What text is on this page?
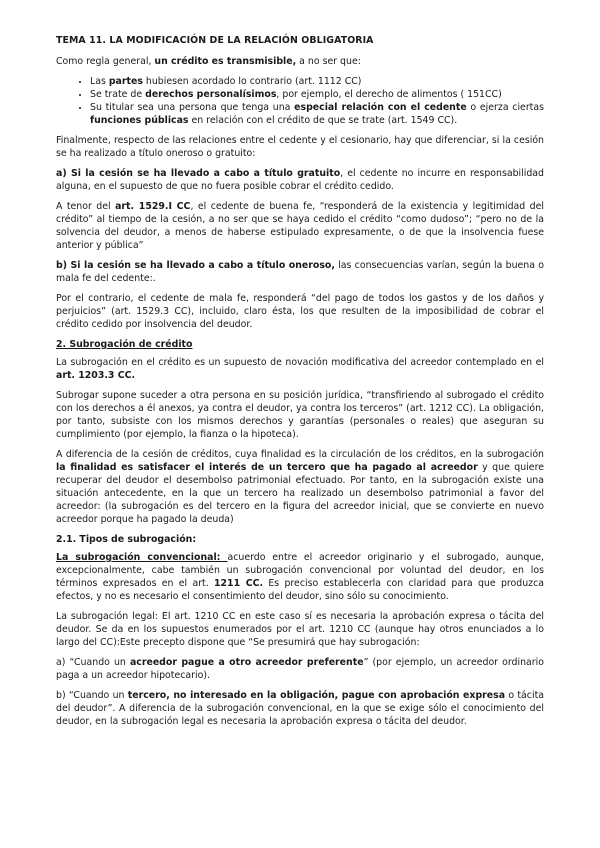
TEMA 11. LA MODIFICACIÓN DE LA RELACIÓN OBLIGATORIA

Como regla general, un crédito es transmisible, a no ser que:

• Las partes hubiesen acordado lo contrario (art. 1112 CC)
• Se trate de derechos personalísimos, por ejemplo, el derecho de alimentos ( 151CC)
• Su titular sea una persona que tenga una especial relación con el cedente o ejerza ciertas funciones públicas en relación con el crédito de que se trate (art. 1549 CC).

Finalmente, respecto de las relaciones entre el cedente y el cesionario, hay que diferenciar, si la cesión se ha realizado a título oneroso o gratuito:

a) Si la cesión se ha llevado a cabo a título gratuito, el cedente no incurre en responsabilidad alguna, en el supuesto de que no fuera posible cobrar el crédito cedido.

A tenor del art. 1529.I CC, el cedente de buena fe, “responderá de la existencia y legitimidad del crédito” al tiempo de la cesión, a no ser que se haya cedido el crédito “como dudoso”; “pero no de la solvencia del deudor, a menos de haberse estipulado expresamente, o de que la insolvencia fuese anterior y pública”

b) Si la cesión se ha llevado a cabo a título oneroso, las consecuencias varían, según la buena o mala fe del cedente:.

Por el contrario, el cedente de mala fe, responderá “del pago de todos los gastos y de los daños y perjuicios” (art. 1529.3 CC), incluido, claro ésta, los que resulten de la imposibilidad de cobrar el crédito cedido por insolvencia del deudor.

2. Subrogación de crédito

La subrogación en el crédito es un supuesto de novación modificativa del acreedor contemplado en el art. 1203.3 CC.

Subrogar supone suceder a otra persona en su posición jurídica, “transfiriendo al subrogado el crédito con los derechos a él anexos, ya contra el deudor, ya contra los terceros” (art. 1212 CC). La obligación, por tanto, subsiste con los mismos derechos y garantías (personales o reales) que aseguran su cumplimiento (por ejemplo, la fianza o la hipoteca).

A diferencia de la cesión de créditos, cuya finalidad es la circulación de los créditos, en la subrogación la finalidad es satisfacer el interés de un tercero que ha pagado al acreedor y que quiere recuperar del deudor el desembolso patrimonial efectuado. Por tanto, en la subrogación existe una situación antecedente, en la que un tercero ha realizado un desembolso patrimonial a favor del acreedor: (la subrogación es del tercero en la figura del acreedor inicial, que se convierte en nuevo acreedor porque ha pagado la deuda)

2.1. Tipos de subrogación:

La subrogación convencional: acuerdo entre el acreedor originario y el subrogado, aunque, excepcionalmente, cabe también un subrogación convencional por voluntad del deudor, en los términos expresados en el art. 1211 CC. Es preciso establecerla con claridad para que produzca efectos, y no es necesario el consentimiento del deudor, sino sólo su conocimiento.

La subrogación legal: El art. 1210 CC en este caso sí es necesaria la aprobación expresa o tácita del deudor. Se da en los supuestos enumerados por el art. 1210 CC (aunque hay otros enunciados a lo largo del CC):Este precepto dispone que “Se presumirá que hay subrogación:

a) “Cuando un acreedor pague a otro acreedor preferente” (por ejemplo, un acreedor ordinario paga a un acreedor hipotecario).

b) “Cuando un tercero, no interesado en la obligación, pague con aprobación expresa o tácita del deudor”. A diferencia de la subrogación convencional, en la que se exige sólo el conocimiento del deudor, en la subrogación legal es necesaria la aprobación expresa o tácita del deudor.
